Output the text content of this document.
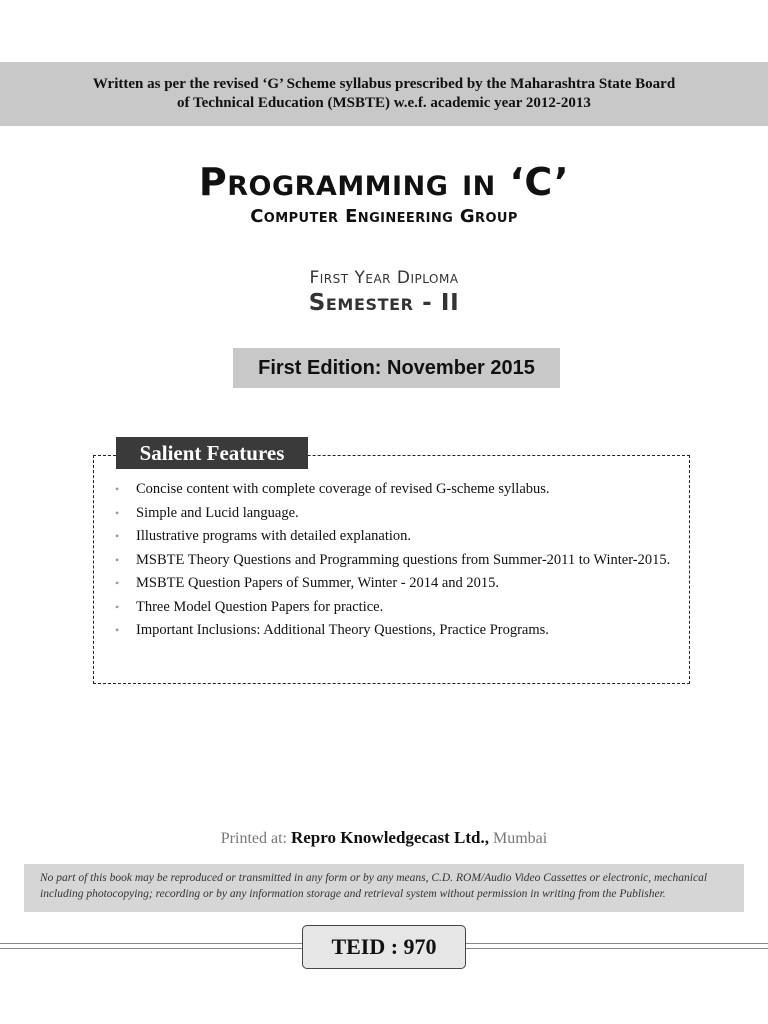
Written as per the revised ‘G’ Scheme syllabus prescribed by the Maharashtra State Board
of Technical Education (MSBTE) w.e.f. academic year 2012-2013
Programming in ‘C’
Computer Engineering Group
First Year Diploma
Semester - II
First Edition: November 2015
Salient Features
• Concise content with complete coverage of revised G-scheme syllabus.
• Simple and Lucid language.
• Illustrative programs with detailed explanation.
• MSBTE Theory Questions and Programming questions from Summer-2011 to Winter-2015.
• MSBTE Question Papers of Summer, Winter - 2014 and 2015.
• Three Model Question Papers for practice.
• Important Inclusions: Additional Theory Questions, Practice Programs.
Printed at: Repro Knowledgecast Ltd., Mumbai
No part of this book may be reproduced or transmitted in any form or by any means, C.D. ROM/Audio Video Cassettes or electronic, mechanical
including photocopying; recording or by any information storage and retrieval system without permission in writing from the Publisher.
TEID : 970
